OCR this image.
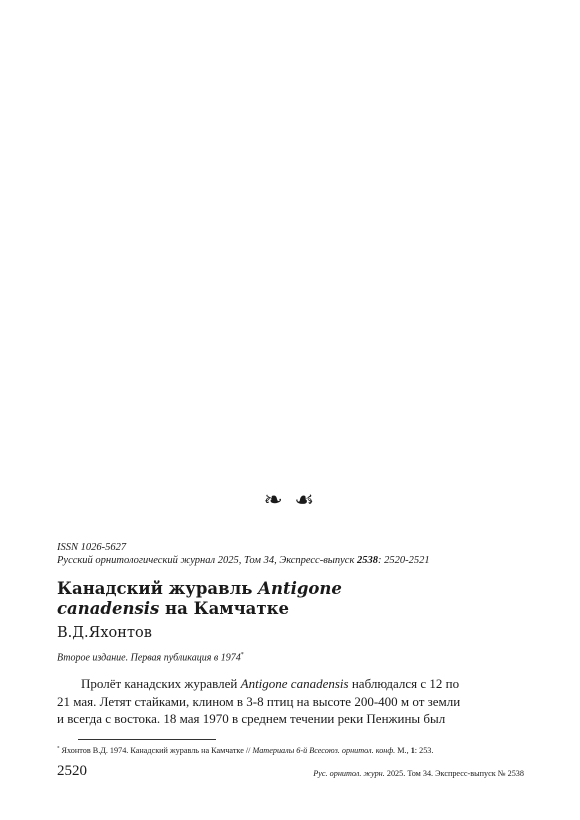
❧ ☙
ISSN 1026-5627
Русский орнитологический журнал 2025, Том 34, Экспресс-выпуск 2538: 2520-2521
Канадский журавль Antigone
canadensis на Камчатке
В.Д.Яхонтов
Второе издание. Первая публикация в 1974*
Пролёт канадских журавлей Antigone canadensis наблюдался с 12 по
21 мая. Летят стайками, клином в 3-8 птиц на высоте 200-400 м от земли
и всегда с востока. 18 мая 1970 в среднем течении реки Пенжины был
* Яхонтов В.Д. 1974. Канадский журавль на Камчатке // Материалы 6-й Всесоюз. орнитол. конф. М., 1: 253.
2520	Рус. орнитол. журн. 2025. Том 34. Экспресс-выпуск № 2538
